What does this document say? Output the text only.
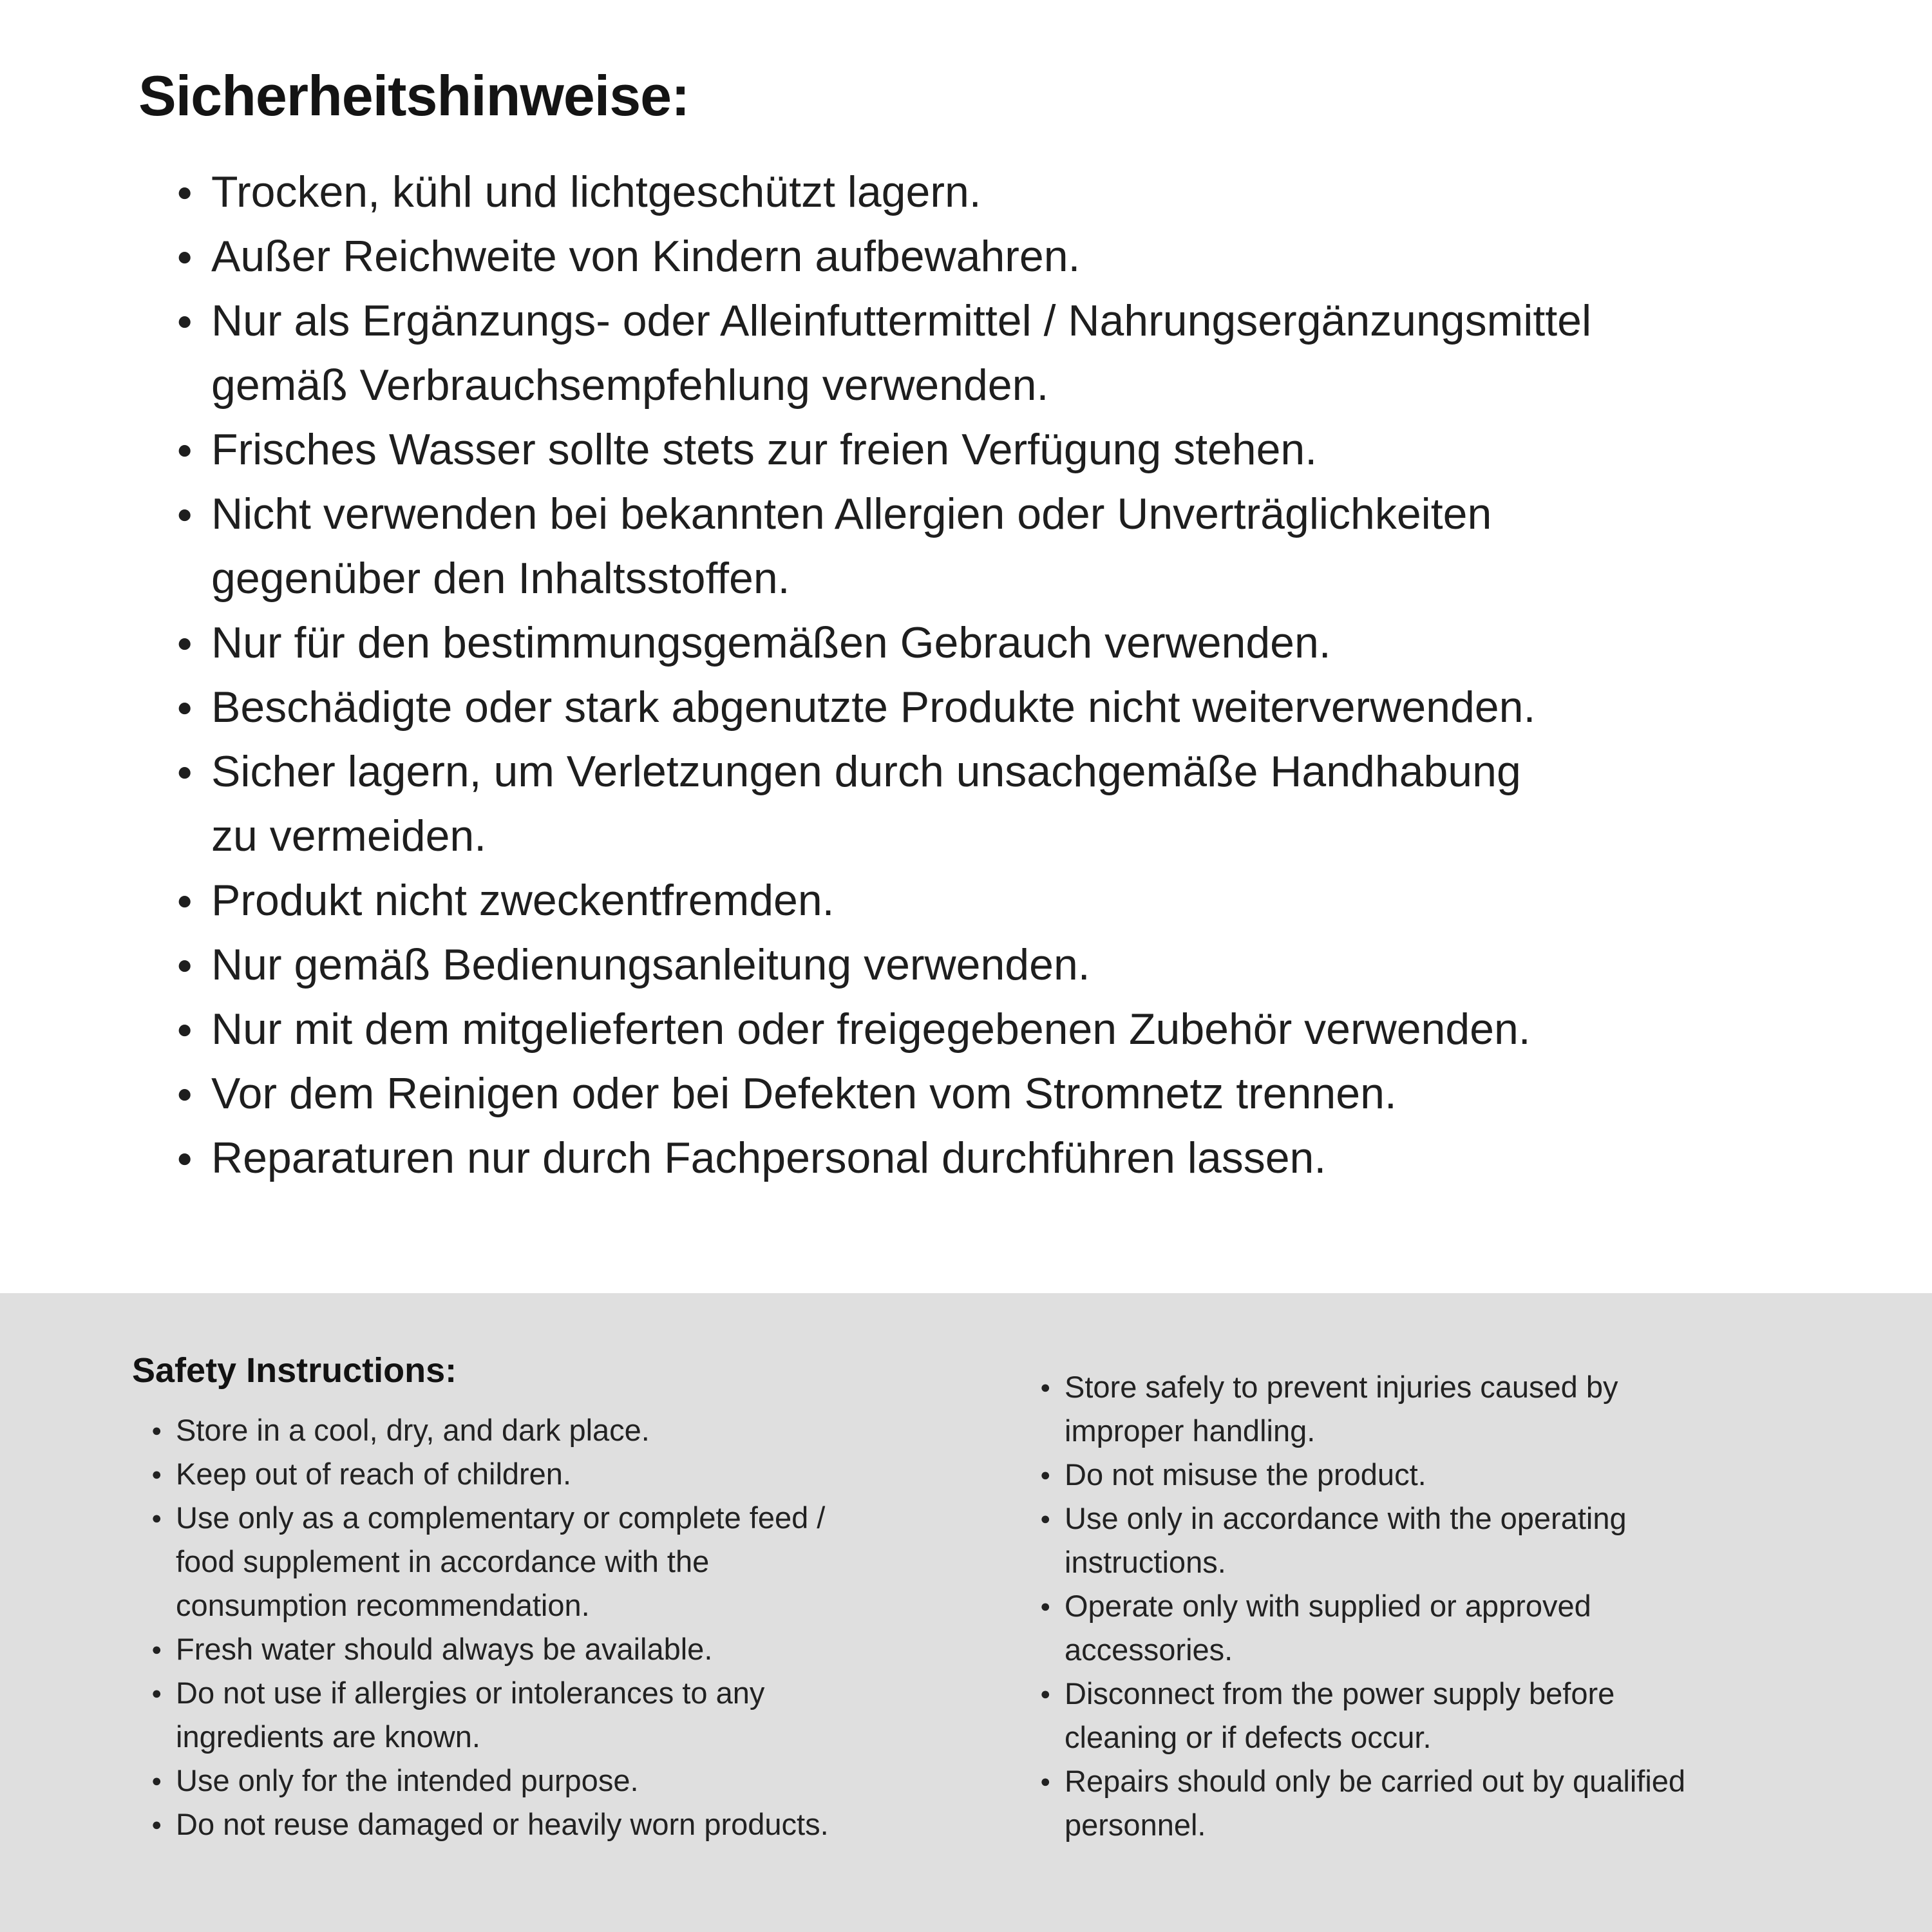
Sicherheitshinweise:
● Trocken, kühl und lichtgeschützt lagern.
● Außer Reichweite von Kindern aufbewahren.
● Nur als Ergänzungs- oder Alleinfuttermittel / Nahrungsergänzungsmittel
gemäß Verbrauchsempfehlung verwenden.
● Frisches Wasser sollte stets zur freien Verfügung stehen.
● Nicht verwenden bei bekannten Allergien oder Unverträglichkeiten
gegenüber den Inhaltsstoffen.
● Nur für den bestimmungsgemäßen Gebrauch verwenden.
● Beschädigte oder stark abgenutzte Produkte nicht weiterverwenden.
● Sicher lagern, um Verletzungen durch unsachgemäße Handhabung
zu vermeiden.
● Produkt nicht zweckentfremden.
● Nur gemäß Bedienungsanleitung verwenden.
● Nur mit dem mitgelieferten oder freigegebenen Zubehör verwenden.
● Vor dem Reinigen oder bei Defekten vom Stromnetz trennen.
● Reparaturen nur durch Fachpersonal durchführen lassen.
Safety Instructions:
● Store in a cool, dry, and dark place.
● Keep out of reach of children.
● Use only as a complementary or complete feed /
food supplement in accordance with the
consumption recommendation.
● Fresh water should always be available.
● Do not use if allergies or intolerances to any
ingredients are known.
● Use only for the intended purpose.
● Do not reuse damaged or heavily worn products.
● Store safely to prevent injuries caused by
improper handling.
● Do not misuse the product.
● Use only in accordance with the operating
instructions.
● Operate only with supplied or approved
accessories.
● Disconnect from the power supply before
cleaning or if defects occur.
● Repairs should only be carried out by qualified
personnel.
